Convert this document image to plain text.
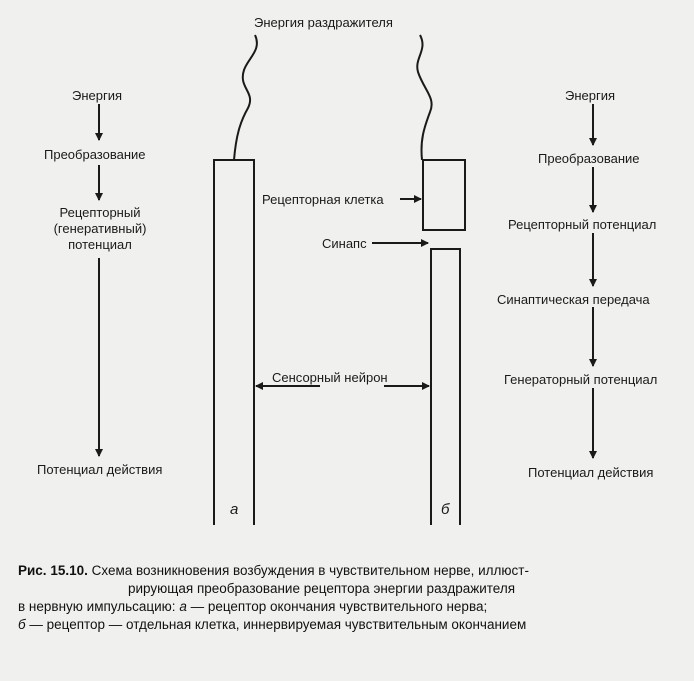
Энергия раздражителя
Энергия
Преобразование
Рецепторный
(генеративный)
потенциал
Потенциал действия
а
Рецепторная клетка
Синапс
Сенсорный нейрон
б
Энергия
Преобразование
Рецепторный потенциал
Синаптическая передача
Генераторный потенциал
Потенциал действия
Рис. 15.10. Схема возникновения возбуждения в чувствительном нерве, иллюст-
рирующая преобразование рецептора энергии раздражителя
в нервную импульсацию: а — рецептор окончания чувствительного нерва;
б — рецептор — отдельная клетка, иннервируемая чувствительным окончанием
